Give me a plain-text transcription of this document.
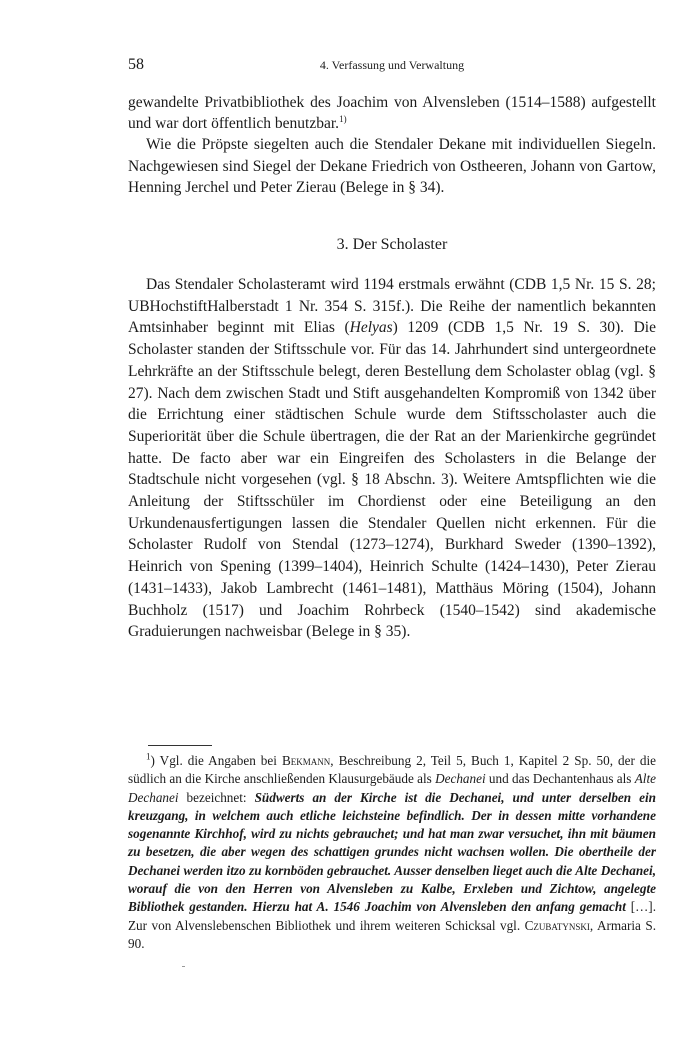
58	4. Verfassung und Verwaltung

gewandelte Privatbibliothek des Joachim von Alvensleben (1514–1588) aufgestellt und war dort öffentlich benutzbar.$^{1)}$

Wie die Pröpste siegelten auch die Stendaler Dekane mit individuellen Siegeln. Nachgewiesen sind Siegel der Dekane Friedrich von Ostheeren, Johann von Gartow, Henning Jerchel und Peter Zierau (Belege in § 34).

3. Der Scholaster

Das Stendaler Scholasteramt wird 1194 erstmals erwähnt (CDB 1,5 Nr. 15 S. 28; UBHochstiftHalberstadt 1 Nr. 354 S. 315f.). Die Reihe der namentlich bekannten Amtsinhaber beginnt mit Elias (Helyas) 1209 (CDB 1,5 Nr. 19 S. 30). Die Scholaster standen der Stiftsschule vor. Für das 14. Jahrhundert sind untergeordnete Lehrkräfte an der Stiftsschule belegt, deren Bestellung dem Scholaster oblag (vgl. § 27). Nach dem zwischen Stadt und Stift ausgehandelten Kompromiß von 1342 über die Errichtung einer städtischen Schule wurde dem Stiftsscholaster auch die Superiorität über die Schule übertragen, die der Rat an der Marienkirche gegründet hatte. De facto aber war ein Eingreifen des Scholasters in die Belange der Stadtschule nicht vorgesehen (vgl. § 18 Abschn. 3). Weitere Amtspflichten wie die Anleitung der Stiftsschüler im Chordienst oder eine Beteiligung an den Urkundenausfertigungen lassen die Stendaler Quellen nicht erkennen. Für die Scholaster Rudolf von Stendal (1273–1274), Burkhard Sweder (1390–1392), Heinrich von Spening (1399–1404), Heinrich Schulte (1424–1430), Peter Zierau (1431–1433), Jakob Lambrecht (1461–1481), Matthäus Möring (1504), Johann Buchholz (1517) und Joachim Rohrbeck (1540–1542) sind akademische Graduierungen nachweisbar (Belege in § 35).

$^1$) Vgl. die Angaben bei Bekmann, Beschreibung 2, Teil 5, Buch 1, Kapitel 2 Sp. 50, der die südlich an die Kirche anschließenden Klausurgebäude als Dechanei und das Dechantenhaus als Alte Dechanei bezeichnet: Südwerts an der Kirche ist die Dechanei, und unter derselben ein kreuzgang, in welchem auch etliche leichsteine befindlich. Der in dessen mitte vorhandene sogenannte Kirchhof, wird zu nichts gebrauchet; und hat man zwar versuchet, ihn mit bäumen zu besetzen, die aber wegen des schattigen grundes nicht wachsen wollen. Die obertheile der Dechanei werden itzo zu kornböden gebrauchet. Ausser denselben lieget auch die Alte Dechanei, worauf die von den Herren von Alvensleben zu Kalbe, Erxleben und Zichtow, angelegte Bibliothek gestanden. Hierzu hat A. 1546 Joachim von Alvensleben den anfang gemacht […]. Zur von Alvenslebenschen Bibliothek und ihrem weiteren Schicksal vgl. Czubatynski, Armaria S. 90.
